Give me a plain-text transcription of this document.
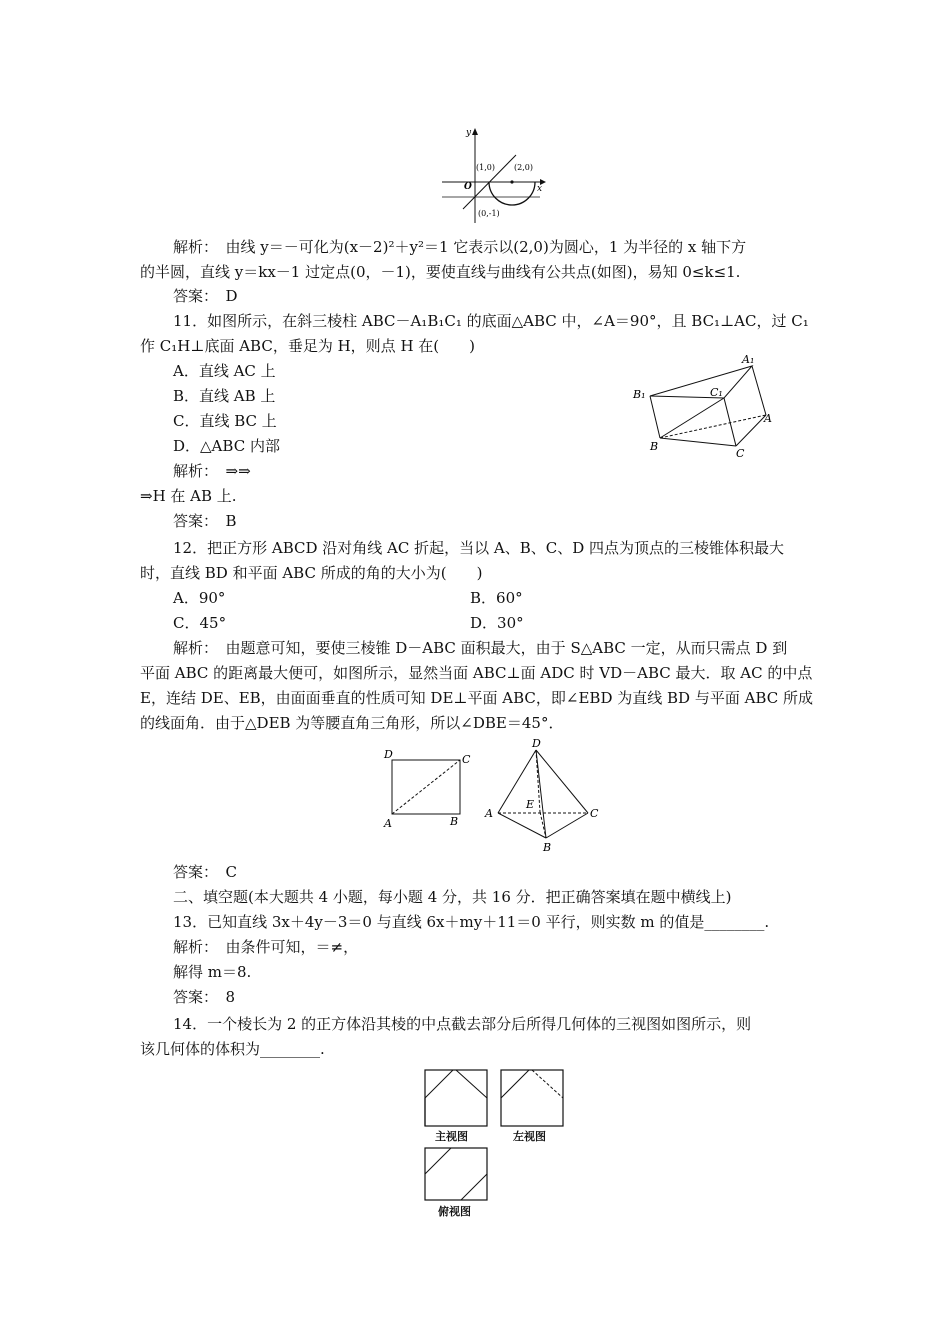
y
x
O
(1,0) (2,0)
(0,-1)
解析：　由线 y＝－可化为(x－2)²＋y²＝1 它表示以(2,0)为圆心，1 为半径的 x 轴下方
的半圆，直线 y＝kx－1 过定点(0，－1)，要使直线与曲线有公共点(如图)，易知 0≤k≤1.
答案：　D
11．如图所示，在斜三棱柱 ABC－A₁B₁C₁ 的底面△ABC 中，∠A＝90°，且 BC₁⊥AC，过 C₁
作 C₁H⊥底面 ABC，垂足为 H，则点 H 在(　　)
A．直线 AC 上
B．直线 AB 上
C．直线 BC 上
D．△ABC 内部
解析：　⇒⇒
⇒H 在 AB 上.
答案：　B
A₁
B₁	C₁
A
B
C
12．把正方形 ABCD 沿对角线 AC 折起，当以 A、B、C、D 四点为顶点的三棱锥体积最大
时，直线 BD 和平面 ABC 所成的角的大小为(　　)
A．90°	B．60°
C．45°	D．30°
解析：　由题意可知，要使三棱锥 D－ABC 面积最大，由于 S△ABC 一定，从而只需点 D 到
平面 ABC 的距离最大便可，如图所示，显然当面 ABC⊥面 ADC 时 VD－ABC 最大．取 AC 的中点
E，连结 DE、EB，由面面垂直的性质可知 DE⊥平面 ABC，即∠EBD 为直线 BD 与平面 ABC 所成
的线面角．由于△DEB 为等腰直角三角形，所以∠DBE＝45°．
D	C
A	B
D
A	C
E
B
答案：　C
二、填空题(本大题共 4 小题，每小题 4 分，共 16 分．把正确答案填在题中横线上)
13．已知直线 3x＋4y－3＝0 与直线 6x＋my＋11＝0 平行，则实数 m 的值是________.
解析：　由条件可知，＝≠，
解得 m＝8.
答案：　8
14．一个棱长为 2 的正方体沿其棱的中点截去部分后所得几何体的三视图如图所示，则
该几何体的体积为________.
主视图	左视图
俯视图
